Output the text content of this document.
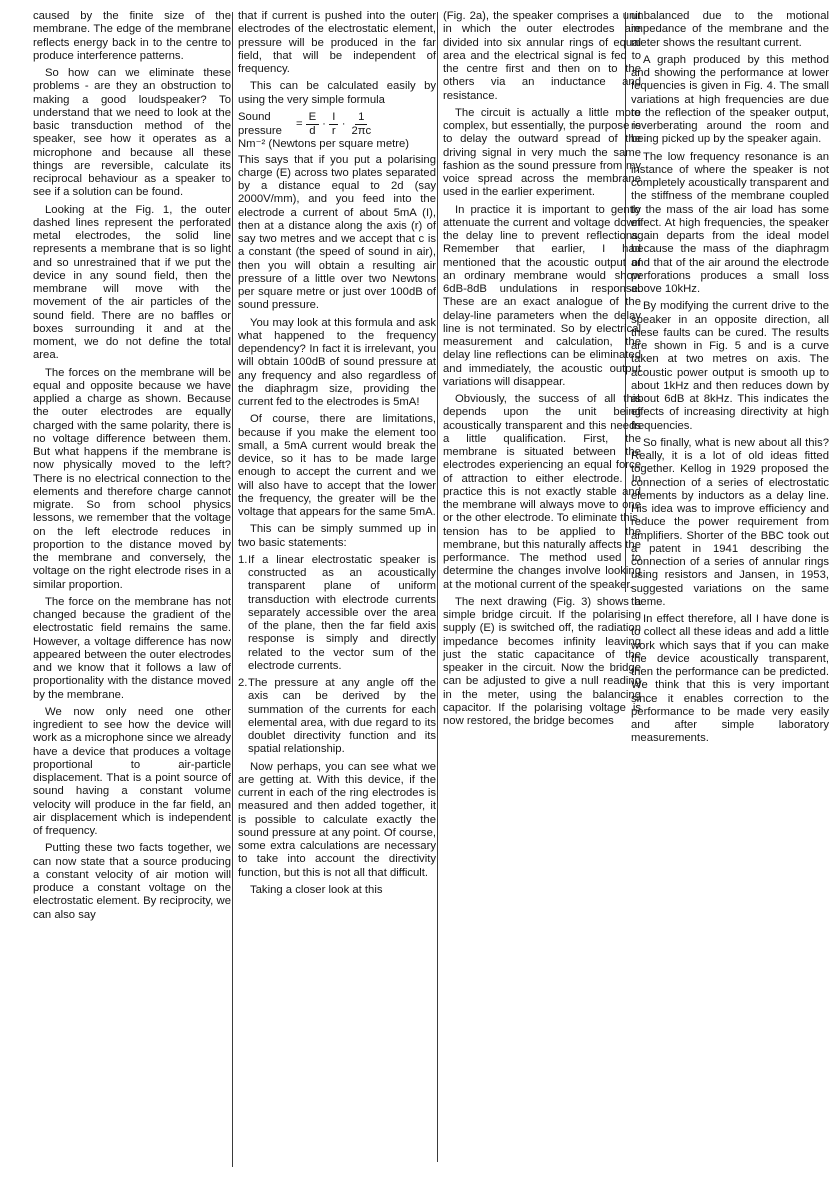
caused by the finite size of the membrane. The edge of the membrane reflects energy back in to the centre to produce interference patterns.

So how can we eliminate these problems - are they an obstruction to making a good loudspeaker? To understand that we need to look at the basic transduction method of the speaker, see how it operates as a microphone and because all these things are reversible, calculate its reciprocal behaviour as a speaker to see if a solution can be found.

Looking at the Fig. 1, the outer dashed lines represent the perforated metal electrodes, the solid line represents a membrane that is so light and so unrestrained that if we put the device in any sound field, then the membrane will move with the movement of the air particles of the sound field. There are no baffles or boxes surrounding it and at the moment, we do not define the total area.

The forces on the membrane will be equal and opposite because we have applied a charge as shown. Because the outer electrodes are equally charged with the same polarity, there is no voltage difference between them. But what happens if the membrane is now physically moved to the left? There is no electrical connection to the elements and therefore charge cannot migrate. So from school physics lessons, we remember that the voltage on the left electrode reduces in proportion to the distance moved by the membrane and conversely, the voltage on the right electrode rises in a similar proportion.

The force on the membrane has not changed because the gradient of the electrostatic field remains the same. However, a voltage difference has now appeared between the outer electrodes and we know that it follows a law of proportionality with the distance moved by the membrane.

We now only need one other ingredient to see how the device will work as a microphone since we already have a device that produces a voltage proportional to air-particle displacement. That is a point source of sound having a constant volume velocity will produce in the far field, an air displacement which is independent of frequency.

Putting these two facts together, we can now state that a source producing a constant velocity of air motion will produce a constant voltage on the electrostatic element. By reciprocity, we can also say

that if current is pushed into the outer electrodes of the electrostatic element, pressure will be produced in the far field, that will be independent of frequency.

This can be calculated easily by using the very simple formula

Sound
pressure
= $\frac{E}{d} \cdot \frac{I}{r} \cdot \frac{1}{2\pi c}$
Nm⁻² (Newtons per square metre)

This says that if you put a polarising charge (E) across two plates separated by a distance equal to 2d (say 2000V/mm), and you feed into the electrode a current of about 5mA (I), then at a distance along the axis (r) of say two metres and we accept that c is a constant (the speed of sound in air), then you will obtain a resulting air pressure of a little over two Newtons per square metre or just over 100dB of sound pressure.

You may look at this formula and ask what happened to the frequency dependency? In fact it is irrelevant, you will obtain 100dB of sound pressure at any frequency and also regardless of the diaphragm size, providing the current fed to the electrodes is 5mA!

Of course, there are limitations, because if you make the element too small, a 5mA current would break the device, so it has to be made large enough to accept the current and we will also have to accept that the lower the frequency, the greater will be the voltage that appears for the same 5mA.

This can be simply summed up in two basic statements:

1. If a linear electrostatic speaker is constructed as an acoustically transparent plane of uniform transduction with electrode currents separately accessible over the area of the plane, then the far field axis response is simply and directly related to the vector sum of the electrode currents.

2. The pressure at any angle off the axis can be derived by the summation of the currents for each elemental area, with due regard to its doublet directivity function and its spatial relationship.

Now perhaps, you can see what we are getting at. With this device, if the current in each of the ring electrodes is measured and then added together, it is possible to calculate exactly the sound pressure at any point. Of course, some extra calculations are necessary to take into account the directivity function, but this is not all that difficult.

Taking a closer look at this

(Fig. 2a), the speaker comprises a unit in which the outer electrodes are divided into six annular rings of equal area and the electrical signal is fed to the centre first and then on to the others via an inductance and resistance.

The circuit is actually a little more complex, but essentially, the purpose is to delay the outward spread of the driving signal in very much the same fashion as the sound pressure from my voice spread across the membrane used in the earlier experiment.

In practice it is important to gently attenuate the current and voltage down the delay line to prevent reflections. Remember that earlier, I had mentioned that the acoustic output of an ordinary membrane would show 6dB-8dB undulations in response. These are an exact analogue of the delay-line parameters when the delay line is not terminated. So by electrical measurement and calculation, the delay line reflections can be eliminated and immediately, the acoustic output variations will disappear.

Obviously, the success of all this depends upon the unit being acoustically transparent and this needs a little qualification. First, the membrane is situated between the electrodes experiencing an equal force of attraction to either electrode. In practice this is not exactly stable and the membrane will always move to one or the other electrode. To eliminate this, tension has to be applied to the membrane, but this naturally affects the performance. The method used to determine the changes involve looking at the motional current of the speaker.

The next drawing (Fig. 3) shows a simple bridge circuit. If the polarising supply (E) is switched off, the radiation impedance becomes infinity leaving just the static capacitance of the speaker in the circuit. Now the bridge can be adjusted to give a null reading in the meter, using the balancing capacitor. If the polarising voltage is now restored, the bridge becomes

unbalanced due to the motional impedance of the membrane and the meter shows the resultant current.

A graph produced by this method and showing the performance at lower fequencies is given in Fig. 4. The small variations at high frequencies are due to the reflection of the speaker output, reverberating around the room and being picked up by the speaker again.

The low frequency resonance is an instance of where the speaker is not completely acoustically transparent and the stiffness of the membrane coupled to the mass of the air load has some effect. At high frequencies, the speaker again departs from the ideal model because the mass of the diaphragm and that of the air around the electrode perforations produces a small loss above 10kHz.

By modifying the current drive to the speaker in an opposite direction, all these faults can be cured. The results are shown in Fig. 5 and is a curve taken at two metres on axis. The acoustic power output is smooth up to about 1kHz and then reduces down by about 6dB at 8kHz. This indicates the effects of increasing directivity at high frequencies.

So finally, what is new about all this? Really, it is a lot of old ideas fitted together. Kellog in 1929 proposed the connection of a series of electrostatic elements by inductors as a delay line. His idea was to improve efficiency and reduce the power requirement from amplifiers. Shorter of the BBC took out a patent in 1941 describing the connection of a series of annular rings using resistors and Jansen, in 1953, suggested variations on the same theme.

In effect therefore, all I have done is to collect all these ideas and add a little work which says that if you can make the device acoustically transparent, then the performance can be predicted. We think that this is very important since it enables correction to the performance to be made very easily and after simple laboratory measurements.
